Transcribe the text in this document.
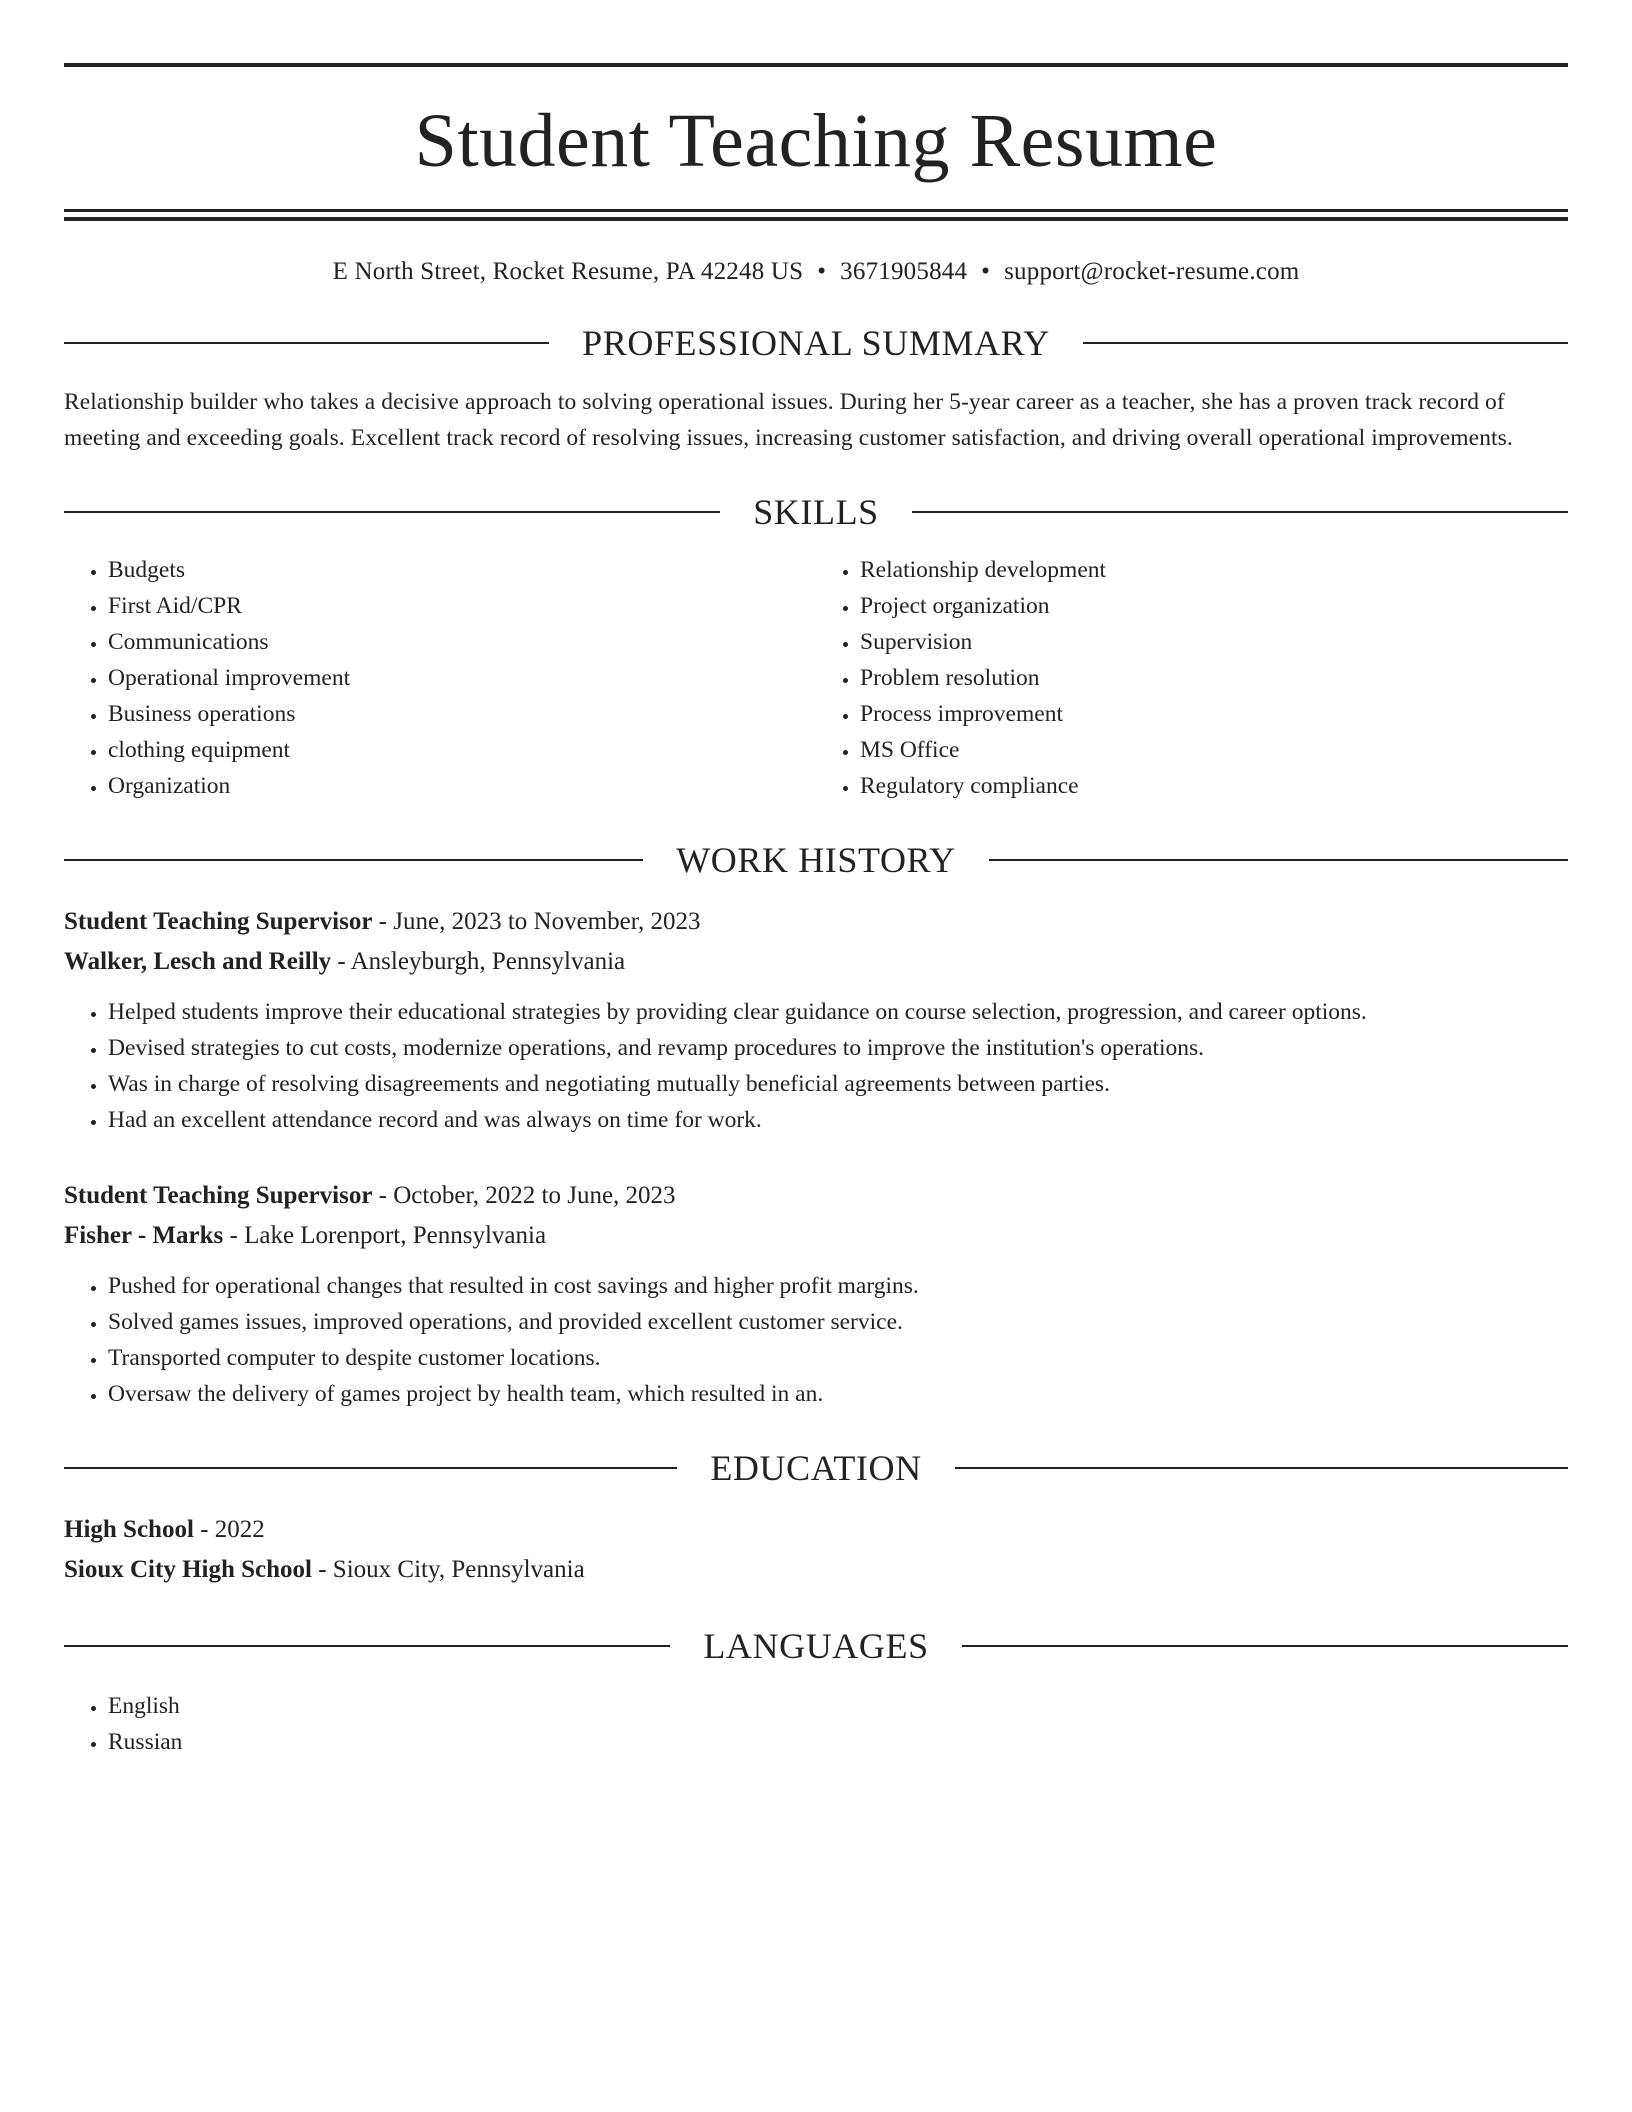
Student Teaching Resume
E North Street, Rocket Resume, PA 42248 US • 3671905844 • support@rocket-resume.com
PROFESSIONAL SUMMARY
Relationship builder who takes a decisive approach to solving operational issues. During her 5-year career as a teacher, she has a proven track record of meeting and exceeding goals. Excellent track record of resolving issues, increasing customer satisfaction, and driving overall operational improvements.
SKILLS
• Budgets
• First Aid/CPR
• Communications
• Operational improvement
• Business operations
• clothing equipment
• Organization
• Relationship development
• Project organization
• Supervision
• Problem resolution
• Process improvement
• MS Office
• Regulatory compliance
WORK HISTORY
Student Teaching Supervisor - June, 2023 to November, 2023
Walker, Lesch and Reilly - Ansleyburgh, Pennsylvania
• Helped students improve their educational strategies by providing clear guidance on course selection, progression, and career options.
• Devised strategies to cut costs, modernize operations, and revamp procedures to improve the institution's operations.
• Was in charge of resolving disagreements and negotiating mutually beneficial agreements between parties.
• Had an excellent attendance record and was always on time for work.
Student Teaching Supervisor - October, 2022 to June, 2023
Fisher - Marks - Lake Lorenport, Pennsylvania
• Pushed for operational changes that resulted in cost savings and higher profit margins.
• Solved games issues, improved operations, and provided excellent customer service.
• Transported computer to despite customer locations.
• Oversaw the delivery of games project by health team, which resulted in an.
EDUCATION
High School - 2022
Sioux City High School - Sioux City, Pennsylvania
LANGUAGES
• English
• Russian
